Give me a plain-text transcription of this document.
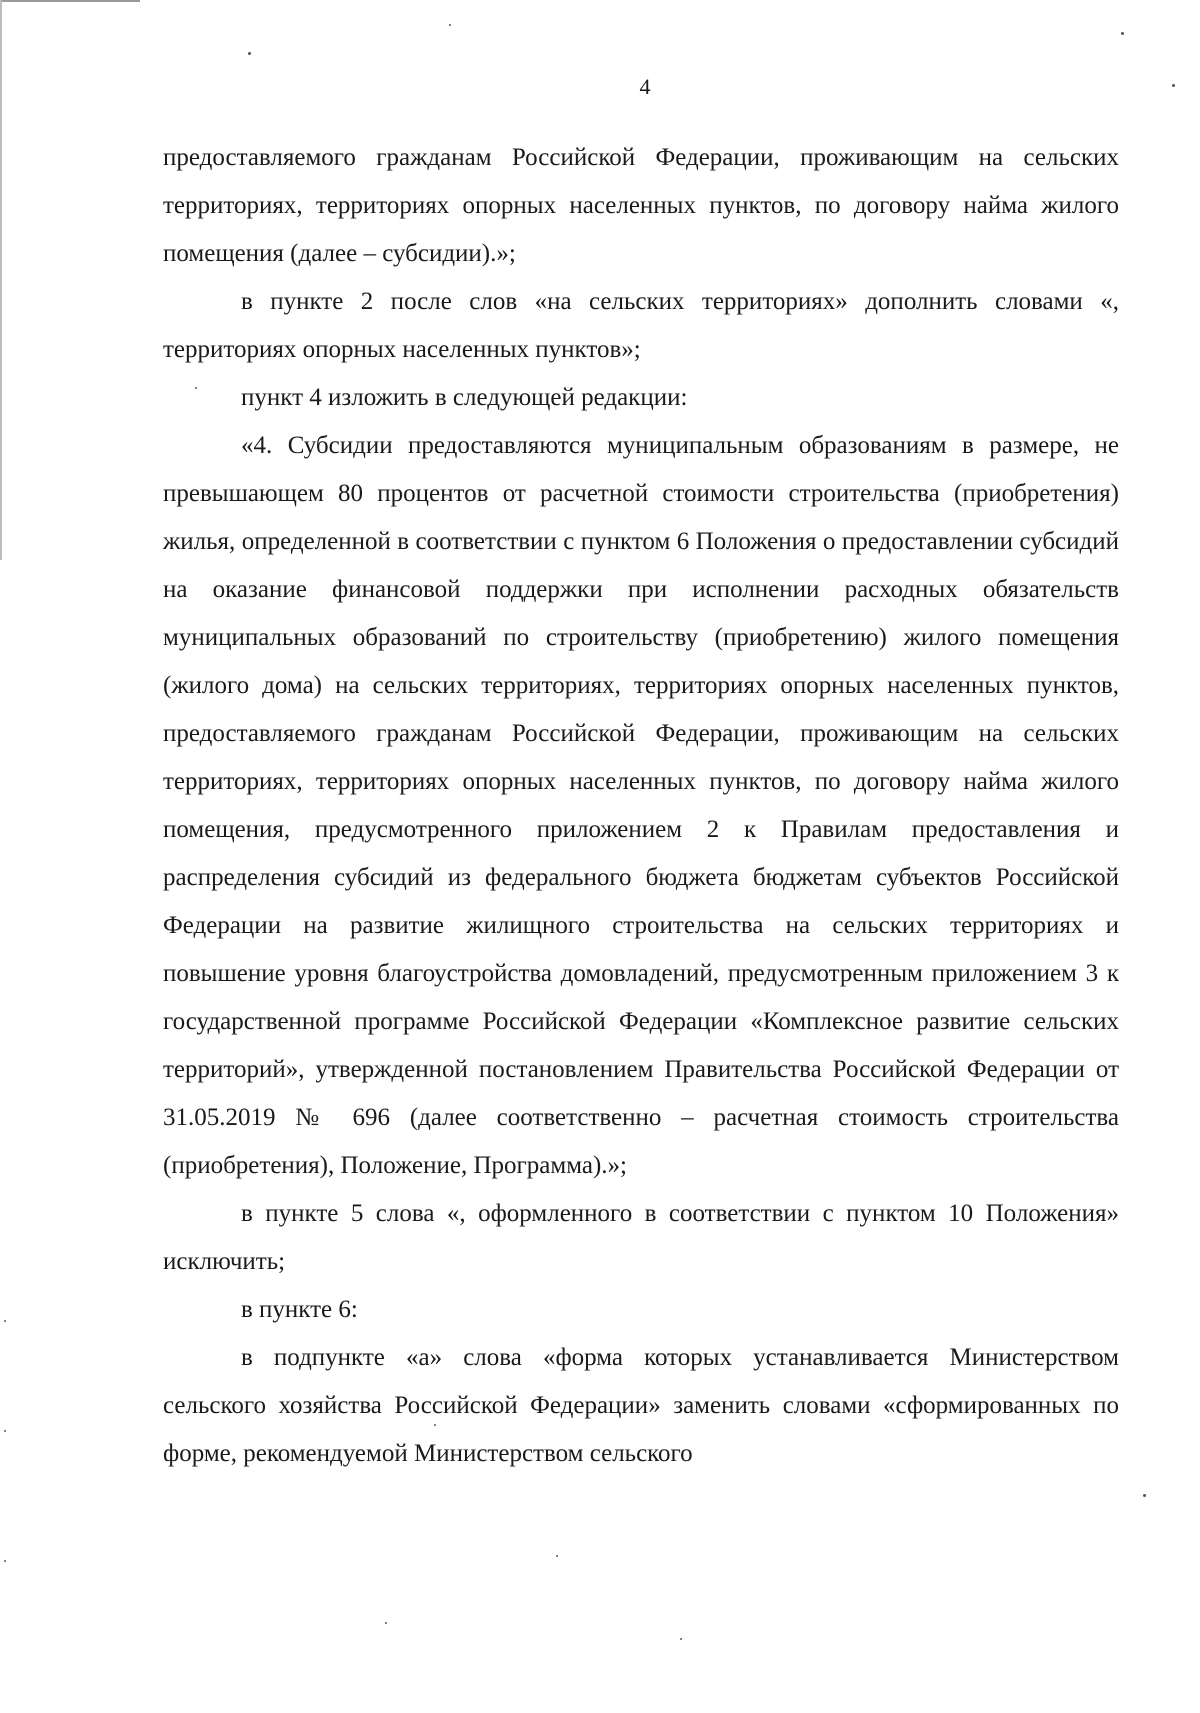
4

предоставляемого гражданам Российской Федерации, проживающим на сельских территориях, территориях опорных населенных пунктов, по договору найма жилого помещения (далее – субсидии).»;

в пункте 2 после слов «на сельских территориях» дополнить словами «, территориях опорных населенных пунктов»;

пункт 4 изложить в следующей редакции:

«4. Субсидии предоставляются муниципальным образованиям в размере, не превышающем 80 процентов от расчетной стоимости строительства (приобретения) жилья, определенной в соответствии с пунктом 6 Положения о предоставлении субсидий на оказание финансовой поддержки при исполнении расходных обязательств муниципальных образований по строительству (приобретению) жилого помещения (жилого дома) на сельских территориях, территориях опорных населенных пунктов, предоставляемого гражданам Российской Федерации, проживающим на сельских территориях, территориях опорных населенных пунктов, по договору найма жилого помещения, предусмотренного приложением 2 к Правилам предоставления и распределения субсидий из федерального бюджета бюджетам субъектов Российской Федерации на развитие жилищного строительства на сельских территориях и повышение уровня благоустройства домовладений, предусмотренным приложением 3 к государственной программе Российской Федерации «Комплексное развитие сельских территорий», утвержденной постановлением Правительства Российской Федерации от 31.05.2019 № 696 (далее соответственно – расчетная стоимость строительства (приобретения), Положение, Программа).»;

в пункте 5 слова «, оформленного в соответствии с пунктом 10 Положения» исключить;

в пункте 6:

в подпункте «а» слова «форма которых устанавливается Министерством сельского хозяйства Российской Федерации» заменить словами «сформированных по форме, рекомендуемой Министерством сельского
